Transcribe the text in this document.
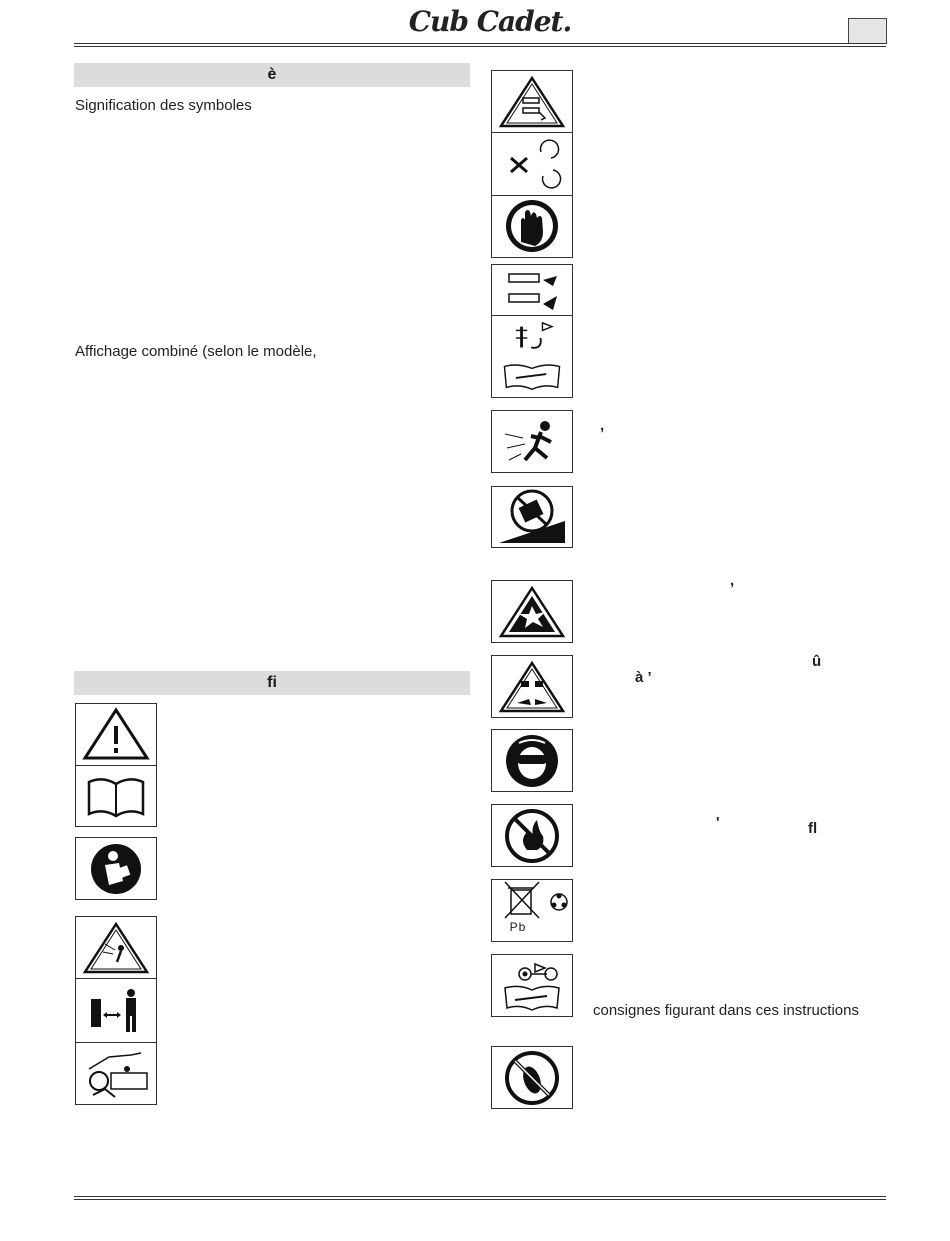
Cub Cadet.
è
Signification des symboles
Affichage combiné (selon le modèle,
fi
,
,
û
à ’
'	fl
Pb
consignes figurant dans ces instructions
